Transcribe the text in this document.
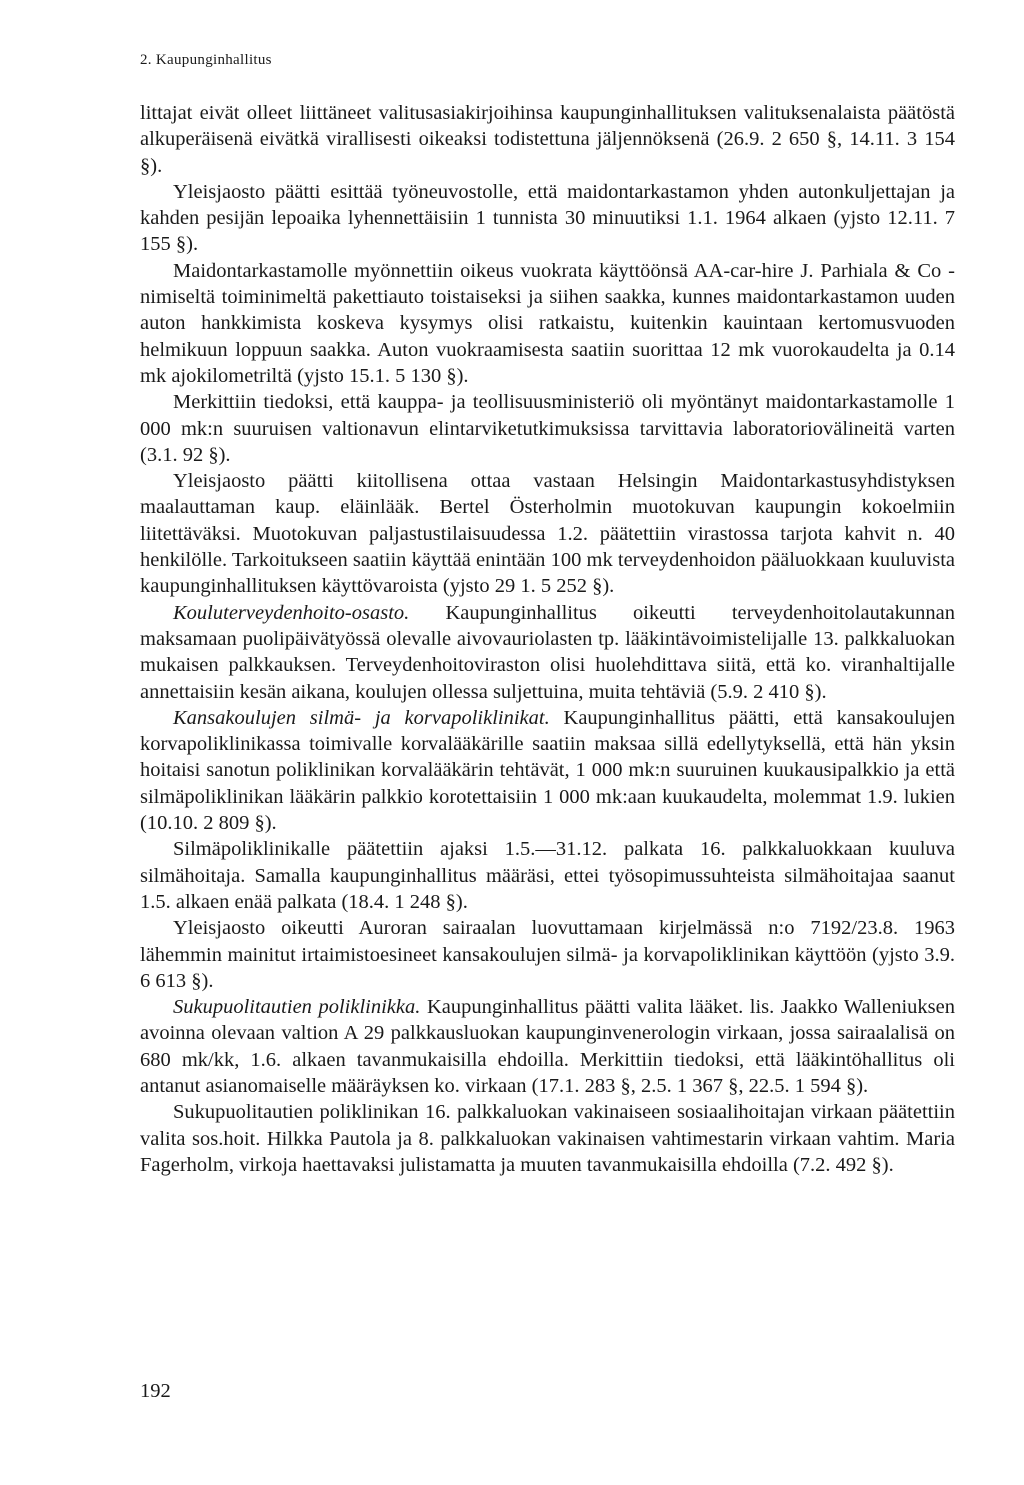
2. Kaupunginhallitus

littajat eivät olleet liittäneet valitusasiakirjoihinsa kaupunginhallituksen valituksenalaista päätöstä alkuperäisenä eivätkä virallisesti oikeaksi todistettuna jäljennöksenä (26.9. 2 650 §, 14.11. 3 154 §).

Yleisjaosto päätti esittää työneuvostolle, että maidontarkastamon yhden autonkuljettajan ja kahden pesijän lepoaika lyhennettäisiin 1 tunnista 30 minuutiksi 1.1. 1964 alkaen (yjsto 12.11. 7 155 §).

Maidontarkastamolle myönnettiin oikeus vuokrata käyttöönsä AA-car-hire J. Parhiala & Co -nimiseltä toiminimeltä pakettiauto toistaiseksi ja siihen saakka, kunnes maidontarkastamon uuden auton hankkimista koskeva kysymys olisi ratkaistu, kuitenkin kauintaan kertomusvuoden helmikuun loppuun saakka. Auton vuokraamisesta saatiin suorittaa 12 mk vuorokaudelta ja 0.14 mk ajokilometriltä (yjsto 15.1. 5 130 §).

Merkittiin tiedoksi, että kauppa- ja teollisuusministeriö oli myöntänyt maidontarkastamolle 1 000 mk:n suuruisen valtionavun elintarviketutkimuksissa tarvittavia laboratoriovälineitä varten (3.1. 92 §).

Yleisjaosto päätti kiitollisena ottaa vastaan Helsingin Maidontarkastusyhdistyksen maalauttaman kaup. eläinlääk. Bertel Österholmin muotokuvan kaupungin kokoelmiin liitettäväksi. Muotokuvan paljastustilaisuudessa 1.2. päätettiin virastossa tarjota kahvit n. 40 henkilölle. Tarkoitukseen saatiin käyttää enintään 100 mk terveydenhoidon pääluokkaan kuuluvista kaupunginhallituksen käyttövaroista (yjsto 29 1. 5 252 §).

Kouluterveydenhoito-osasto. Kaupunginhallitus oikeutti terveydenhoitolautakunnan maksamaan puolipäivätyössä olevalle aivovauriolasten tp. lääkintävoimistelijalle 13. palkkaluokan mukaisen palkkauksen. Terveydenhoitoviraston olisi huolehdittava siitä, että ko. viranhaltijalle annettaisiin kesän aikana, koulujen ollessa suljettuina, muita tehtäviä (5.9. 2 410 §).

Kansakoulujen silmä- ja korvapoliklinikat. Kaupunginhallitus päätti, että kansakoulujen korvapoliklinikassa toimivalle korvalääkärille saatiin maksaa sillä edellytyksellä, että hän yksin hoitaisi sanotun poliklinikan korvalääkärin tehtävät, 1 000 mk:n suuruinen kuukausipalkkio ja että silmäpoliklinikan lääkärin palkkio korotettaisiin 1 000 mk:aan kuukaudelta, molemmat 1.9. lukien (10.10. 2 809 §).

Silmäpoliklinikalle päätettiin ajaksi 1.5.—31.12. palkata 16. palkkaluokkaan kuuluva silmähoitaja. Samalla kaupunginhallitus määräsi, ettei työsopimussuhteista silmähoitajaa saanut 1.5. alkaen enää palkata (18.4. 1 248 §).

Yleisjaosto oikeutti Auroran sairaalan luovuttamaan kirjelmässä n:o 7192/23.8. 1963 lähemmin mainitut irtaimistoesineet kansakoulujen silmä- ja korvapoliklinikan käyttöön (yjsto 3.9. 6 613 §).

Sukupuolitautien poliklinikka. Kaupunginhallitus päätti valita lääket. lis. Jaakko Walleniuksen avoinna olevaan valtion A 29 palkkausluokan kaupunginvenerologin virkaan, jossa sairaalalisä on 680 mk/kk, 1.6. alkaen tavanmukaisilla ehdoilla. Merkittiin tiedoksi, että lääkintöhallitus oli antanut asianomaiselle määräyksen ko. virkaan (17.1. 283 §, 2.5. 1 367 §, 22.5. 1 594 §).

Sukupuolitautien poliklinikan 16. palkkaluokan vakinaiseen sosiaalihoitajan virkaan päätettiin valita sos.hoit. Hilkka Pautola ja 8. palkkaluokan vakinaisen vahtimestarin virkaan vahtim. Maria Fagerholm, virkoja haettavaksi julistamatta ja muuten tavanmukaisilla ehdoilla (7.2. 492 §).

192
